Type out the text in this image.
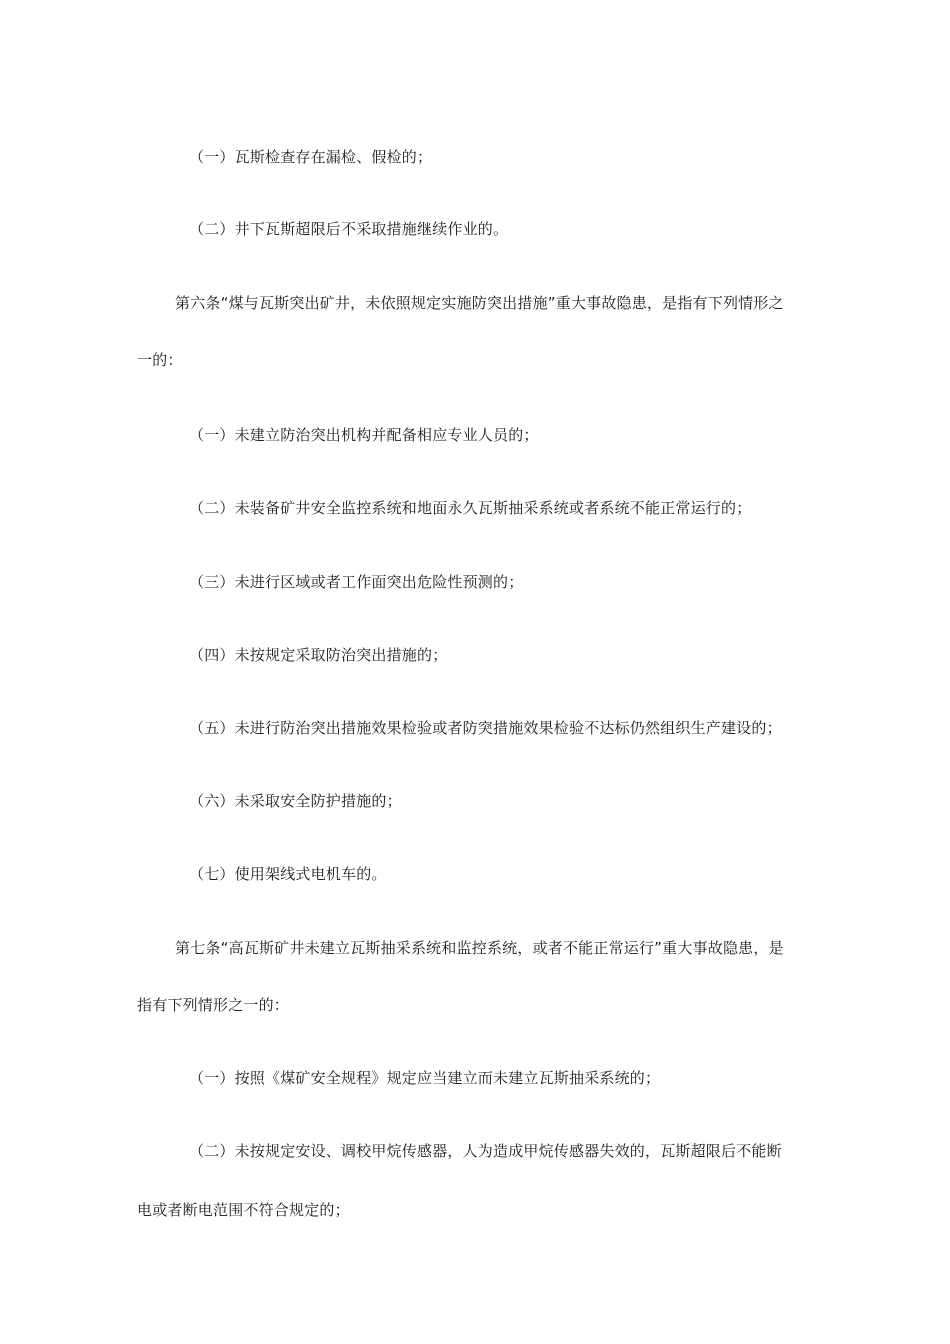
（一）瓦斯检查存在漏检、假检的；
（二）井下瓦斯超限后不采取措施继续作业的。
第六条“煤与瓦斯突出矿井，未依照规定实施防突出措施”重大事故隐患，是指有下列情形之
一的：
（一）未建立防治突出机构并配备相应专业人员的；
（二）未装备矿井安全监控系统和地面永久瓦斯抽采系统或者系统不能正常运行的；
（三）未进行区域或者工作面突出危险性预测的；
（四）未按规定采取防治突出措施的；
（五）未进行防治突出措施效果检验或者防突措施效果检验不达标仍然组织生产建设的；
（六）未采取安全防护措施的；
（七）使用架线式电机车的。
第七条“高瓦斯矿井未建立瓦斯抽采系统和监控系统，或者不能正常运行”重大事故隐患，是
指有下列情形之一的：
（一）按照《煤矿安全规程》规定应当建立而未建立瓦斯抽采系统的；
（二）未按规定安设、调校甲烷传感器，人为造成甲烷传感器失效的，瓦斯超限后不能断
电或者断电范围不符合规定的；
